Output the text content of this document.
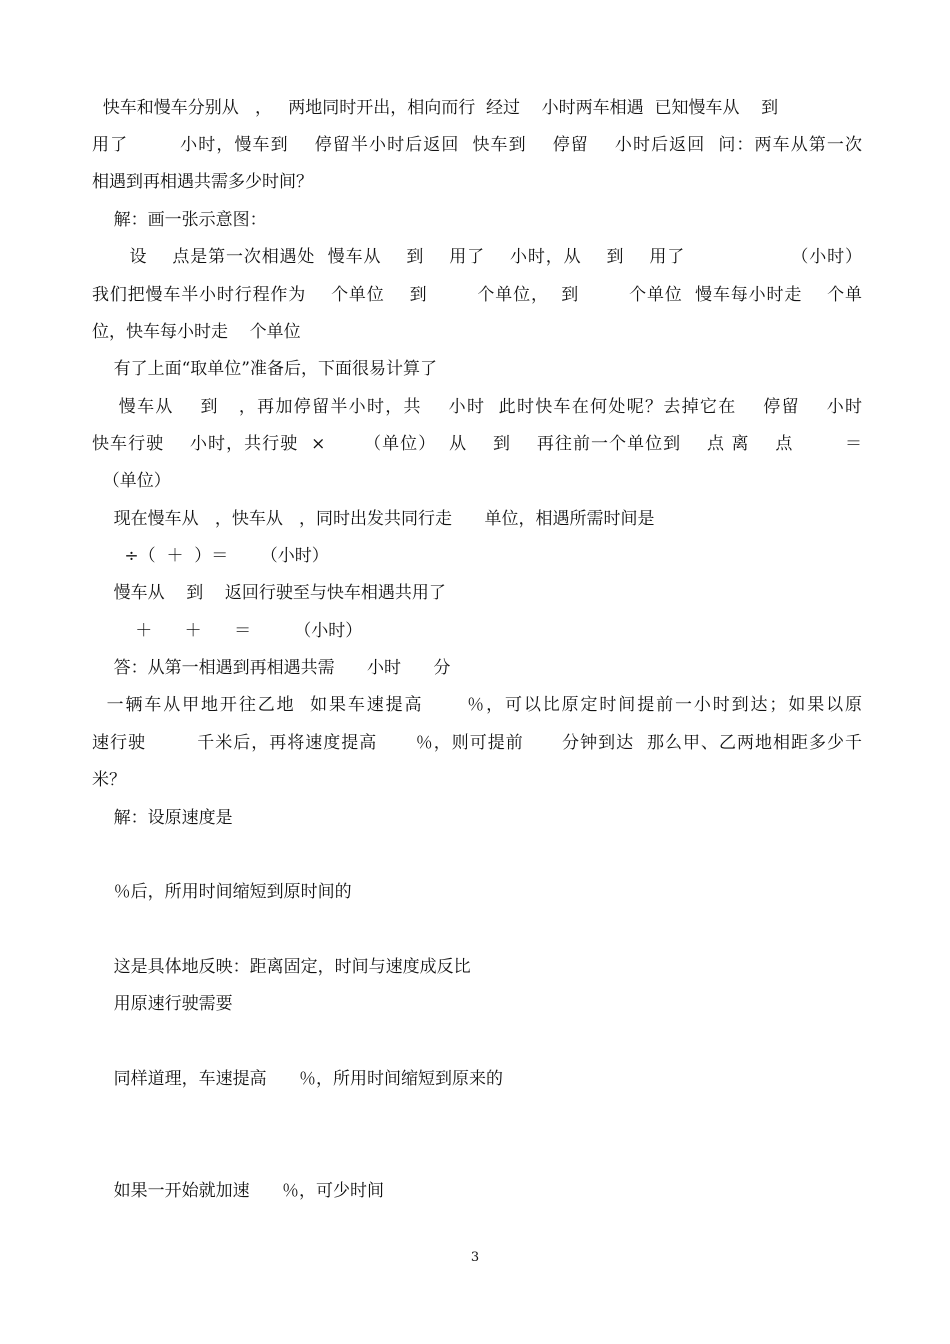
快车和慢车分别从   ，   两地同时开出，相向而行  经过    小时两车相遇  已知慢车从    到
用了        小时，慢车到    停留半小时后返回  快车到    停留    小时后返回  问：两车从第一次
相遇到再相遇共需多少时间？
解：画一张示意图：
设    点是第一次相遇处  慢车从    到    用了    小时，从    到    用了                 （小时）
我们把慢车半小时行程作为    个单位    到        个单位，  到        个单位  慢车每小时走    个单
位，快车每小时走    个单位
有了上面“取单位”准备后，下面很易计算了
慢车从    到   ，再加停留半小时，共    小时  此时快车在何处呢？去掉它在    停留    小时
快车行驶    小时，共行驶  ×      （单位）  从    到    再往前一个单位到    点 离    点        ＝
（单位）
现在慢车从   ，快车从   ，同时出发共同行走      单位，相遇所需时间是
÷（  ＋  ）＝      （小时）
慢车从    到    返回行驶至与快车相遇共用了
＋      ＋      ＝        （小时）
答：从第一相遇到再相遇共需      小时      分
一辆车从甲地开往乙地  如果车速提高      ％，可以比原定时间提前一小时到达；如果以原
速行驶        千米后，再将速度提高      ％，则可提前      分钟到达  那么甲、乙两地相距多少千
米？
解：设原速度是
％后，所用时间缩短到原时间的
这是具体地反映：距离固定，时间与速度成反比
用原速行驶需要
同样道理，车速提高      ％，所用时间缩短到原来的
如果一开始就加速      ％，可少时间
3
